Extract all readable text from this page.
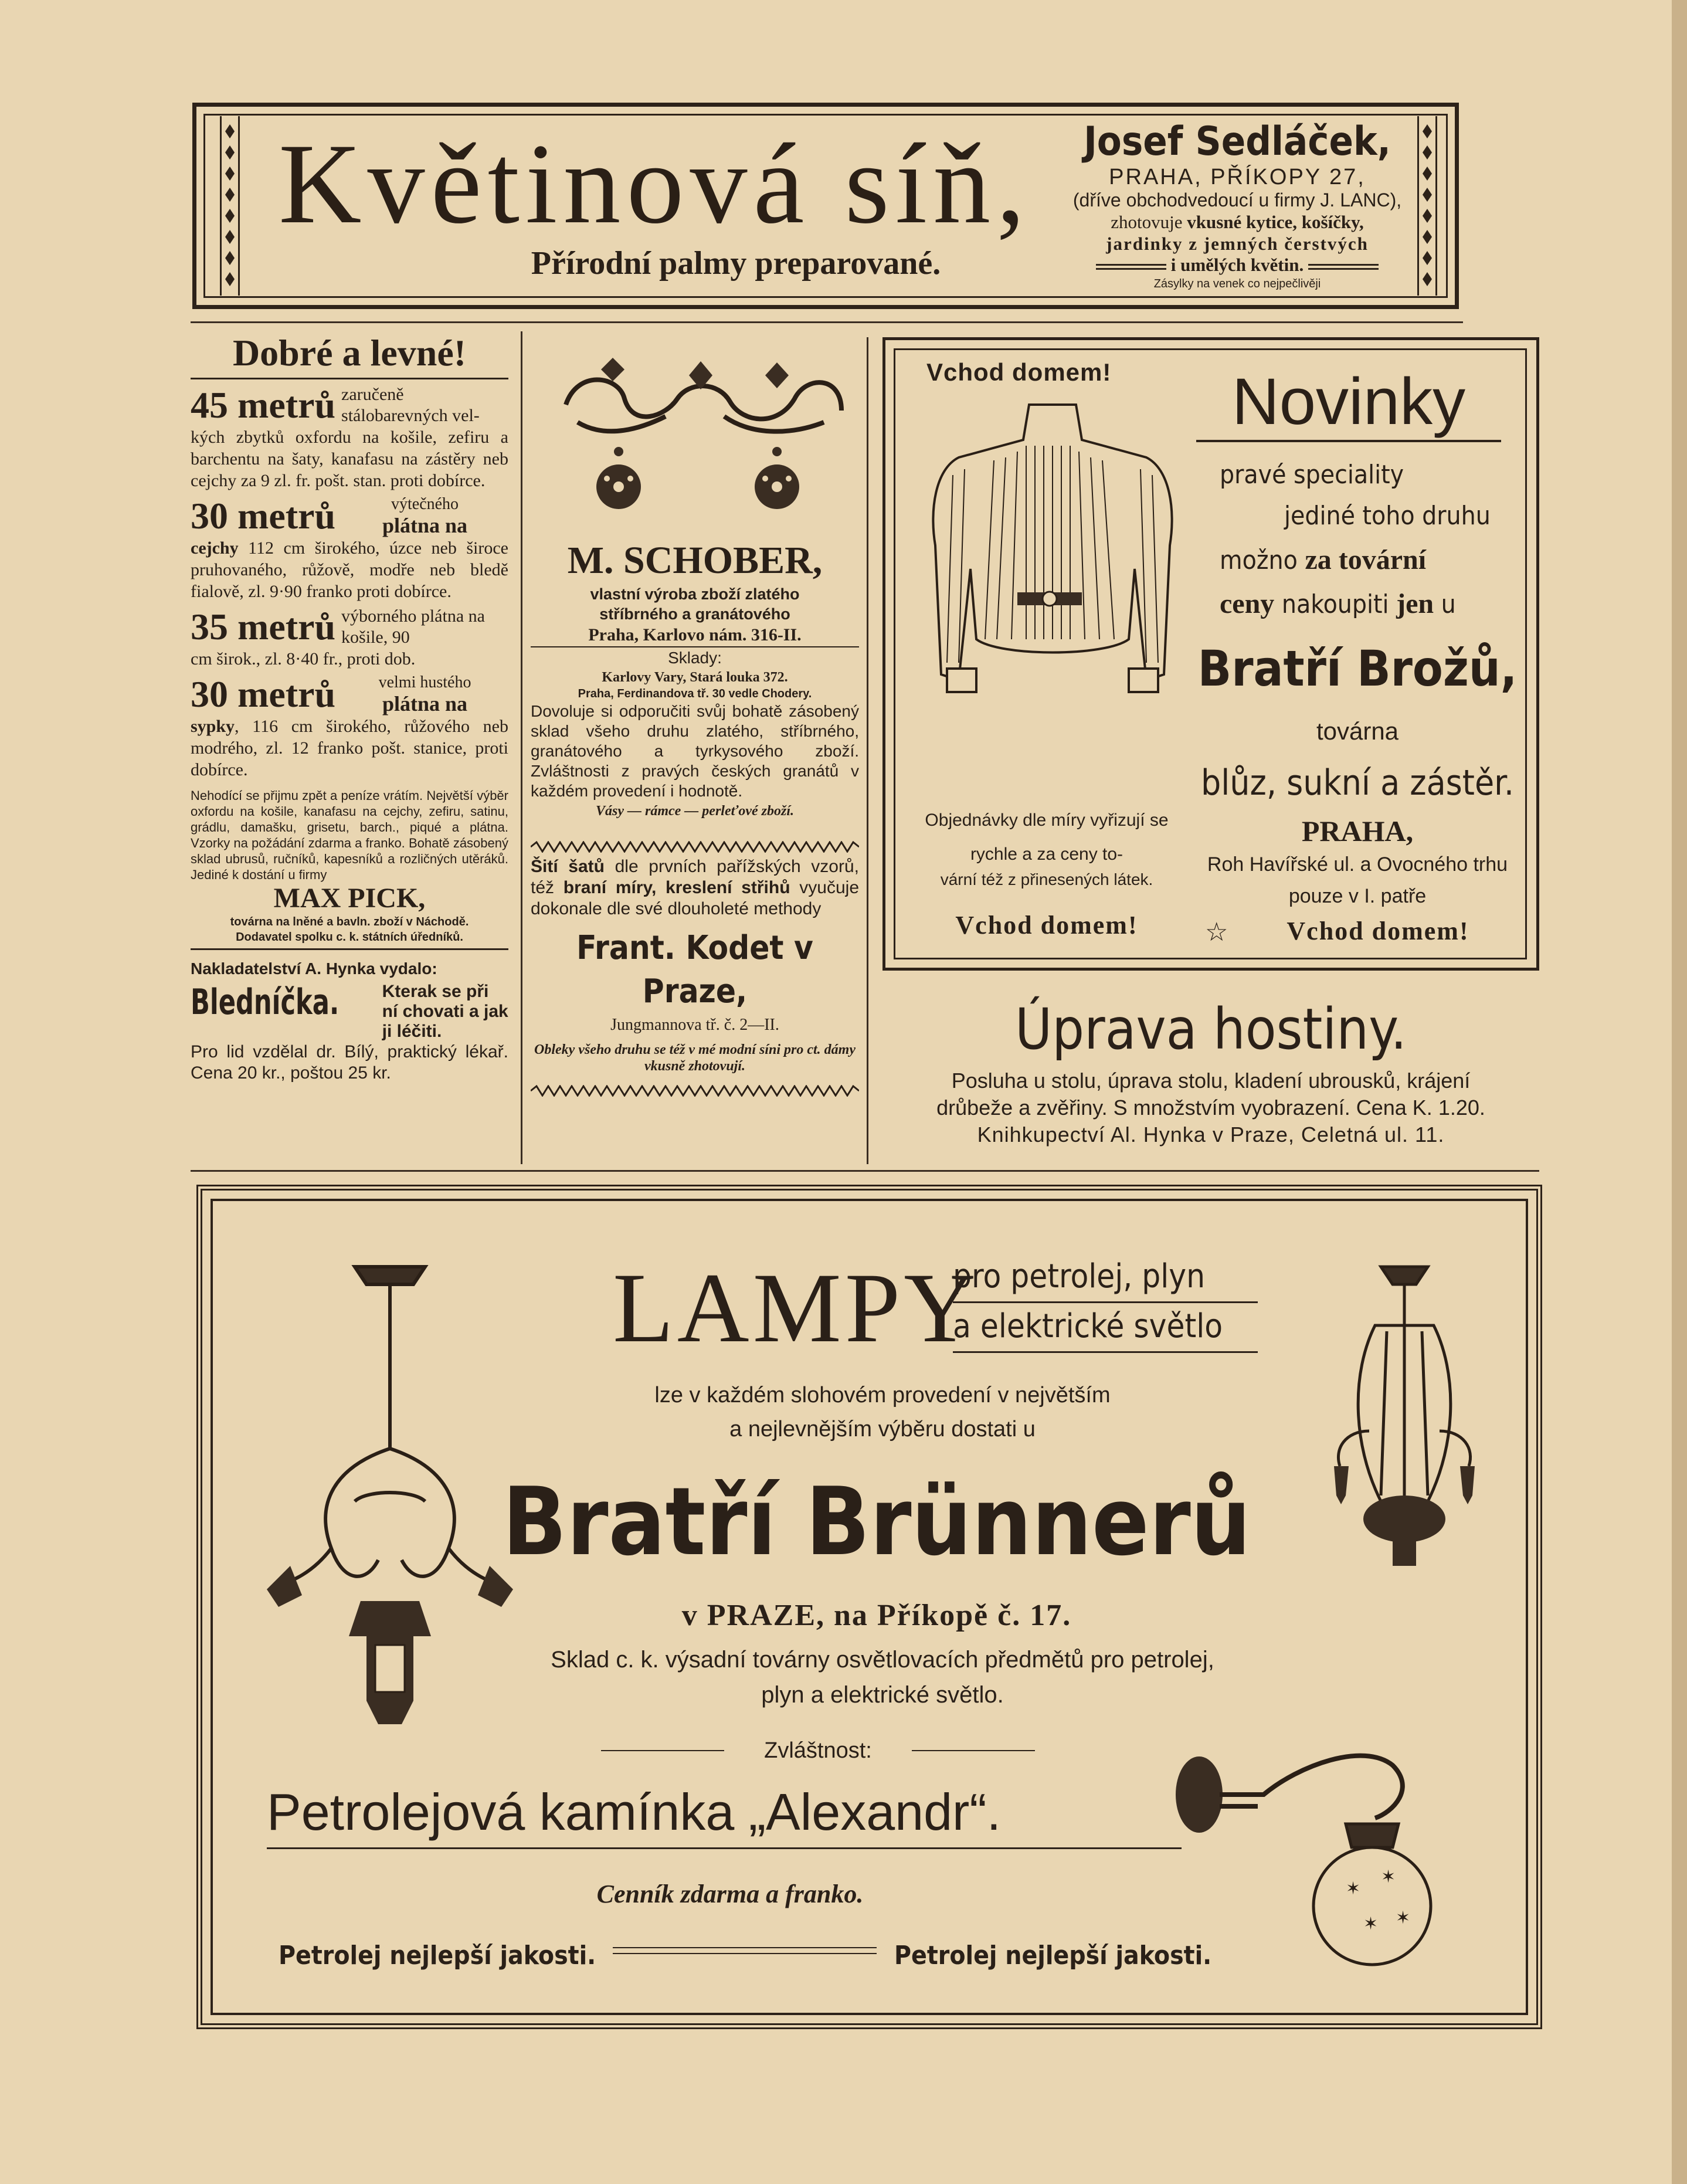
Květinová síň,
Přírodní palmy preparované.
Josef Sedláček,
PRAHA, PŘÍKOPY 27,
(dříve obchodvedoucí u firmy J. LANC),
zhotovuje vkusné kytice, košíčky,
jardinky z jemných čerstvých
i umělých květin.
Zásylky na venek co nejpečlivěji
Dobré a levné!
45 metrů zaručeně stálobarevných vel-

kých zbytků oxfordu na košile, zefiru a barchentu na šaty, kanafasu na zástěry neb cejchy za 9 zl. fr. pošt. stan. proti dobírce.

30 metrů	výtečného
plátna na

cejchy 112 cm širokého, úzce neb široce pruhovaného, růžově, modře neb bledě fialově, zl. 9·90 franko proti dobírce.

35 metrů výborného plátna na košile, 90

cm širok., zl. 8·40 fr., proti dob.

30 metrů	velmi hustého
plátna na

sypky, 116 cm širokého, růžového neb modrého, zl. 12 franko pošt. stanice, proti dobírce.

Nehodící se přijmu zpět a peníze vrátím. Největší výběr oxfordu na košile, kanafasu na cejchy, zefiru, satinu, grádlu, damašku, grisetu, barch., piqué a plátna. Vzorky na požádání zdarma a franko. Bohatě zásobený sklad ubrusů, ručníků, kapesníků a rozličných utěráků. Jediné k dostání u firmy

MAX PICK,
továrna na lněné a bavln. zboží v Náchodě.
Dodavatel spolku c. k. státních úředníků.
Nakladatelství A. Hynka vydalo:
Bledníčka.	Kterak se při ní chovati a jak ji léčiti.

Pro lid vzdělal dr. Bílý, praktický lékař. Cena 20 kr., poštou 25 kr.

M. SCHOBER,
vlastní výroba zboží zlatého
stříbrného a granátového
Praha, Karlovo nám. 316-II.
Sklady:
Karlovy Vary, Stará louka 372.
Praha, Ferdinandova tř. 30 vedle Chodery.

Dovoluje si odporučiti svůj bohatě zásobený sklad všeho druhu zlatého, stříbrného, granátového a tyrkysového zboží. Zvláštnosti z pravých českých granátů v každém provedení i hodnotě.

Vásy — rámce — perleťové zboží.

Šití šatů dle prvních pařížských vzorů, též braní míry, kreslení střihů vyučuje dokonale dle své dlouholeté methody

Frant. Kodet v Praze,
Jungmannova tř. č. 2—II.

Obleky všeho druhu se též v mé modní síni pro ct. dámy vkusně zhotovují.

Vchod domem!
Objednávky dle míry vyřizují se rychle a za ceny to-
vární též z přinesených látek.
Vchod domem!
Novinky
pravé speciality
jediné toho druhu
možno za tovární
ceny nakoupiti jen u
Bratří Brožů,
továrna
blůz, sukní a zástěr.
PRAHA,
Roh Havířské ul. a Ovocného trhu
pouze v I. patře
☆	Vchod domem!
Úprava hostiny.
Posluha u stolu, úprava stolu, kladení ubrousků, krájení
drůbeže a zvěřiny. S množstvím vyobrazení. Cena K. 1.20.
Knihkupectví Al. Hynka v Praze, Celetná ul. 11.
LAMPY
pro petrolej, plyn
a elektrické světlo
lze v každém slohovém provedení v největším
a nejlevnějším výběru dostati u
Bratří Brünnerů
v PRAZE, na Příkopě č. 17.
Sklad c. k. výsadní továrny osvětlovacích předmětů pro petrolej,
plyn a elektrické světlo.
Zvláštnost:
Petrolejová kamínka „Alexandr“.
Cenník zdarma a franko.
Petrolej nejlepší jakosti.	Petrolej nejlepší jakosti.
✶
✶
✶ ✶
